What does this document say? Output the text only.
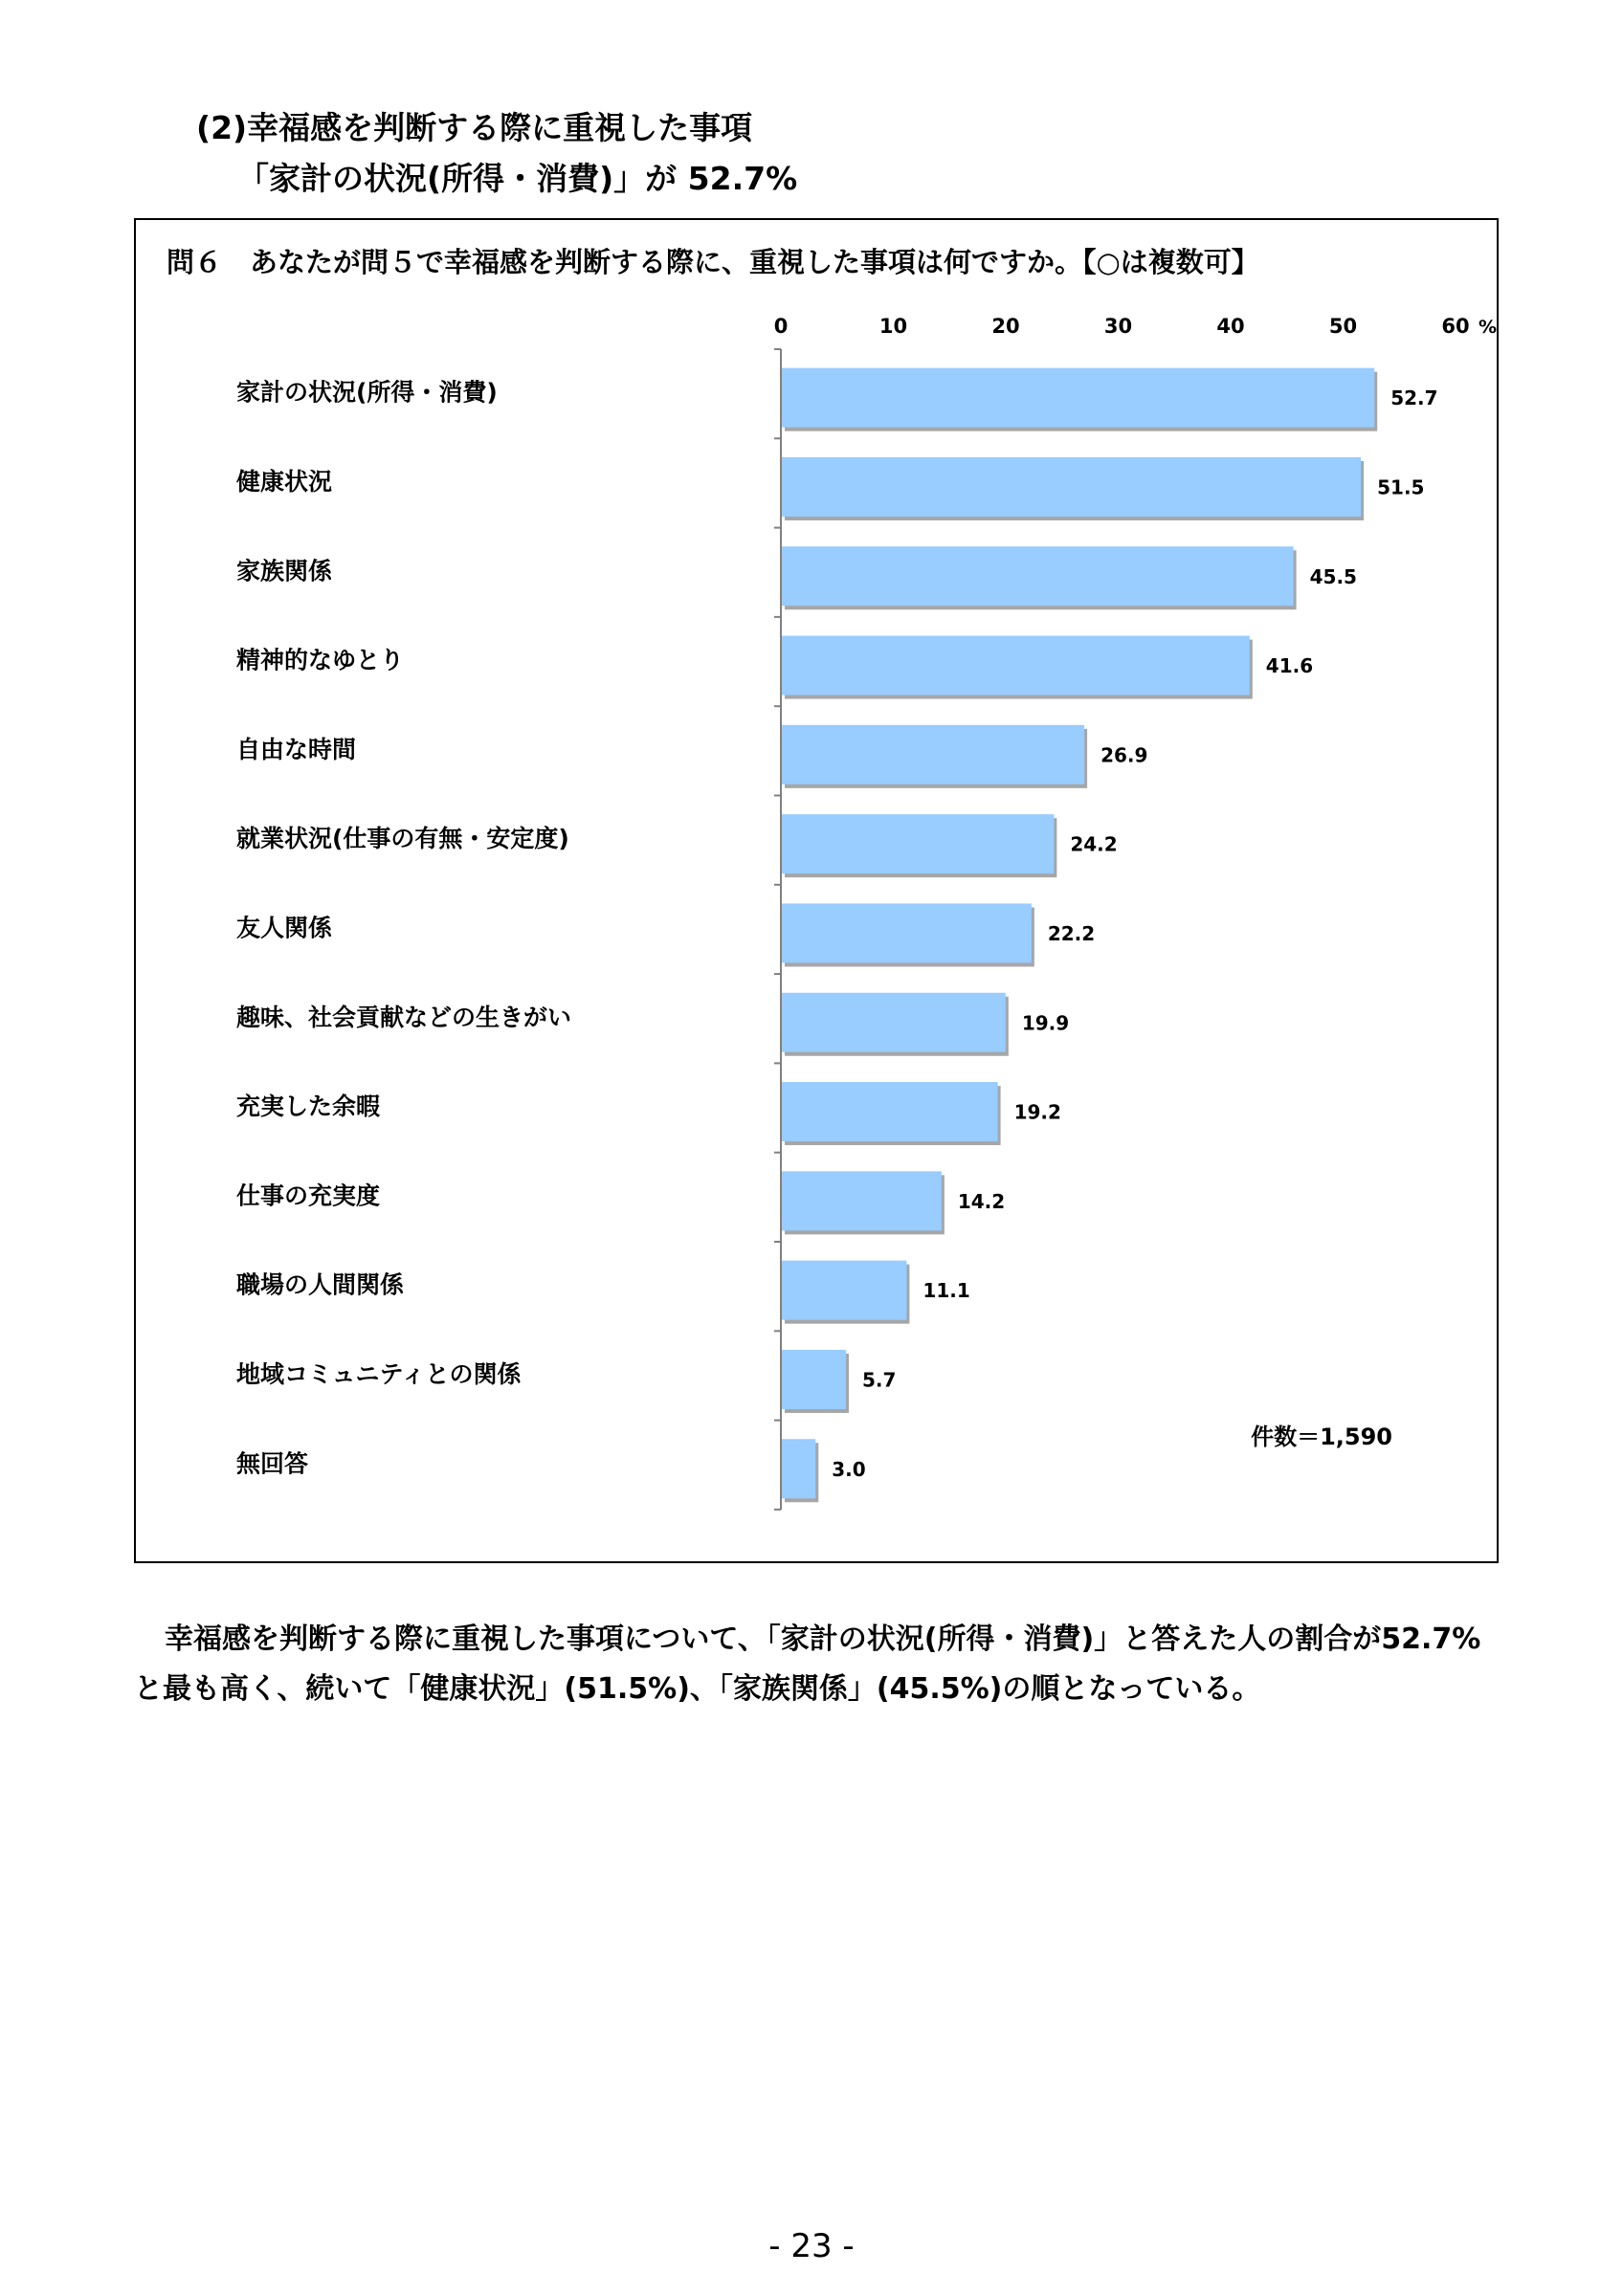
(2)幸福感を判断する際に重視した事項
「家計の状況(所得・消費)」が 52.7%
問６　あなたが問５で幸福感を判断する際に、重視した事項は何ですか。【○は複数可】
0	10	20	30	40	50	60 %
家計の状況(所得・消費)	52.7
健康状況	51.5
家族関係	45.5
精神的なゆとり	41.6
自由な時間	26.9
就業状況(仕事の有無・安定度)	24.2
友人関係	22.2
趣味、社会貢献などの生きがい	19.9
充実した余暇	19.2
仕事の充実度	14.2
職場の人間関係	11.1
地域コミュニティとの関係	5.7
無回答	3.0
件数＝1,590
幸福感を判断する際に重視した事項について、「家計の状況(所得・消費)」と答えた人の割合が52.7%と最も高く、続いて「健康状況」(51.5%)、「家族関係」(45.5%)の順となっている。
- 23 -
